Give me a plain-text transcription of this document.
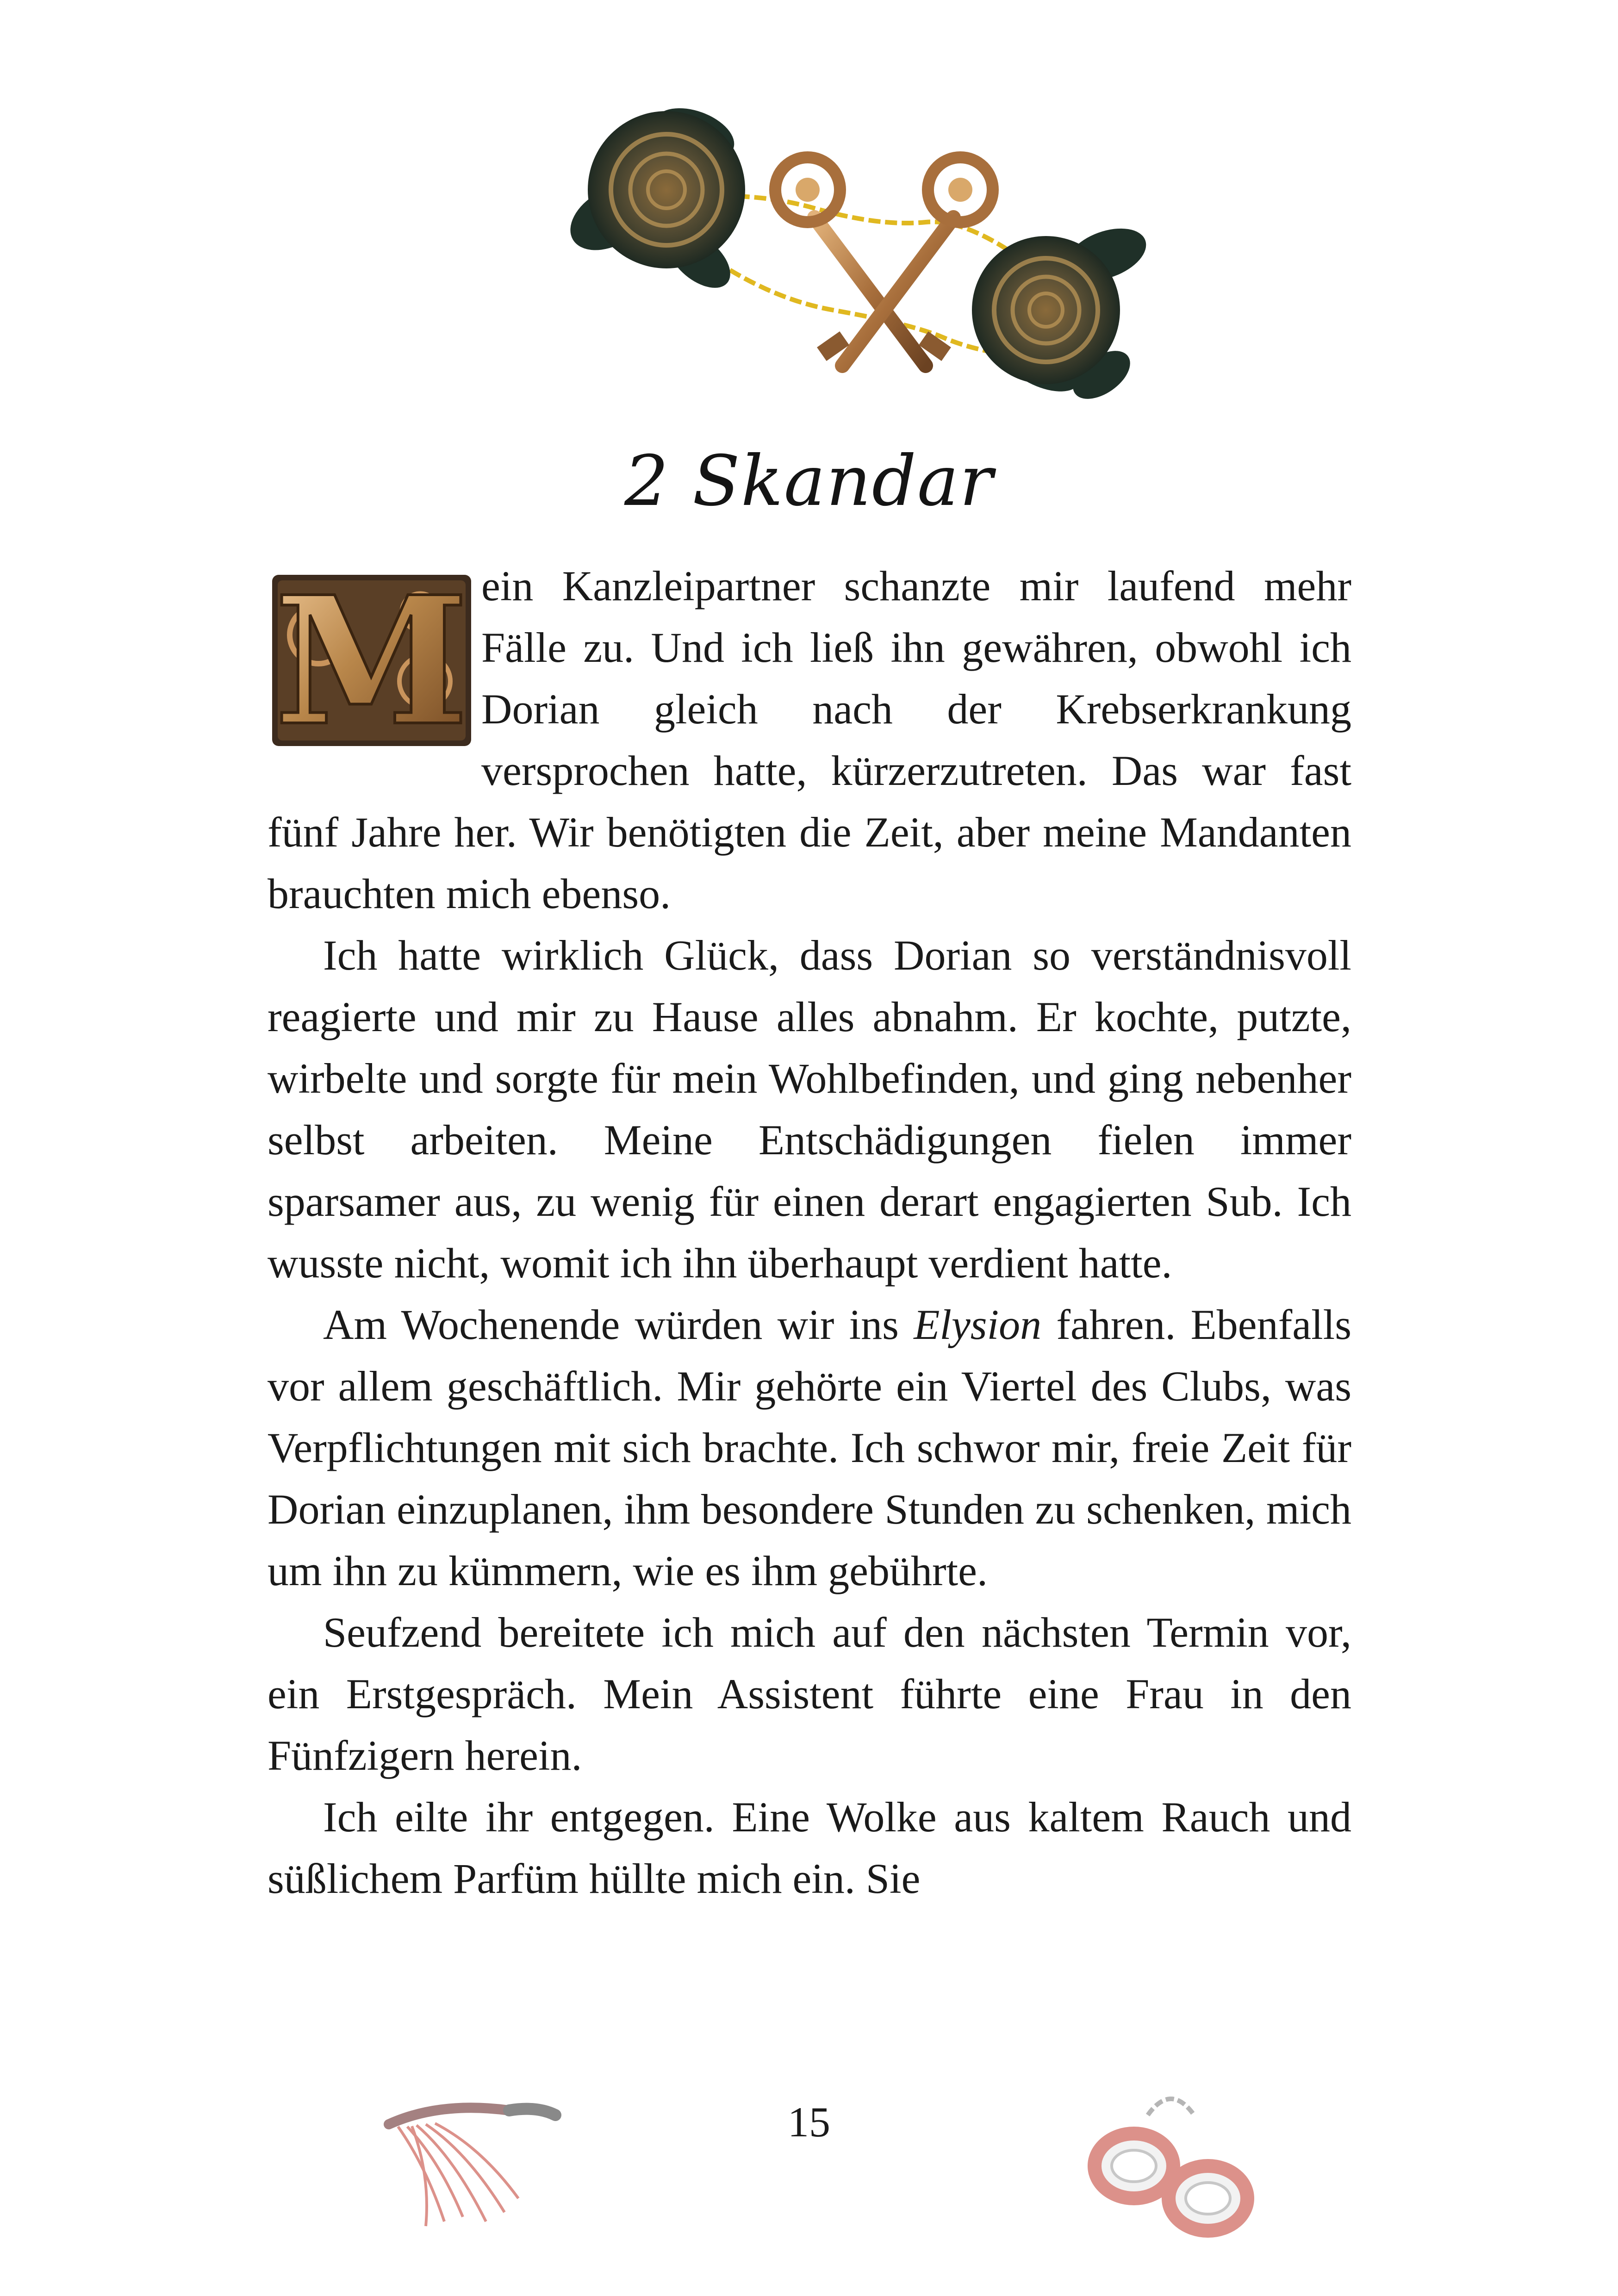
2 Skandar

M ein Kanzleipartner schanzte mir laufend mehr Fälle zu. Und ich ließ ihn gewähren, obwohl ich Dorian gleich nach der Krebserkrankung versprochen hatte, kürzerzutreten. Das war fast fünf Jahre her. Wir benötigten die Zeit, aber meine Mandanten brauchten mich ebenso.

Ich hatte wirklich Glück, dass Dorian so verständnisvoll reagierte und mir zu Hause alles abnahm. Er kochte, putzte, wirbelte und sorgte für mein Wohlbefinden, und ging nebenher selbst arbeiten. Meine Entschädigungen fielen immer sparsamer aus, zu wenig für einen derart engagierten Sub. Ich wusste nicht, womit ich ihn überhaupt verdient hatte.

Am Wochenende würden wir ins Elysion fahren. Ebenfalls vor allem geschäftlich. Mir gehörte ein Viertel des Clubs, was Verpflichtungen mit sich brachte. Ich schwor mir, freie Zeit für Dorian einzuplanen, ihm besondere Stunden zu schenken, mich um ihn zu kümmern, wie es ihm gebührte.

Seufzend bereitete ich mich auf den nächsten Termin vor, ein Erstgespräch. Mein Assistent führte eine Frau in den Fünfzigern herein.

Ich eilte ihr entgegen. Eine Wolke aus kaltem Rauch und süßlichem Parfüm hüllte mich ein. Sie

15
